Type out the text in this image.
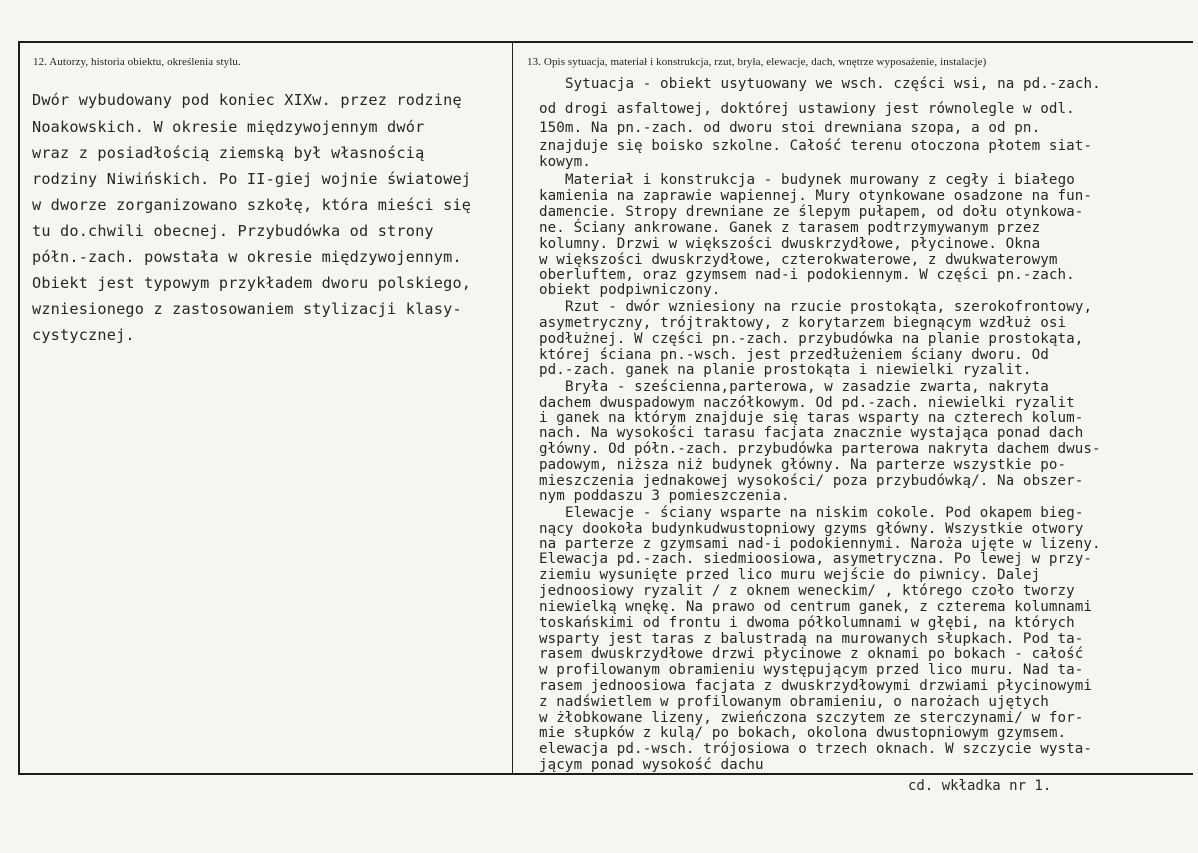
12. Autorzy, historia obiektu, określenia stylu.	13. Opis sytuacja, materiał i konstrukcja, rzut, bryła, elewacje, dach, wnętrze wyposażenie, instalacje)
Dwór wybudowany pod koniec XIXw. przez rodzinę
Noakowskich. W okresie międzywojennym dwór
wraz z posiadłością ziemską był własnością
rodziny Niwińskich. Po II-giej wojnie światowej
w dworze zorganizowano szkołę, która mieści się
tu do.chwili obecnej. Przybudówka od strony
półn.-zach. powstała w okresie międzywojennym.
Obiekt jest typowym przykładem dworu polskiego,
wzniesionego z zastosowaniem stylizacji klasy-
cystycznej.
Sytuacja - obiekt usytuowany we wsch. części wsi, na pd.-zach.
od drogi asfaltowej, doktórej ustawiony jest równolegle w odl.
150m. Na pn.-zach. od dworu stoi drewniana szopa, a od pn.
znajduje się boisko szkolne. Całość terenu otoczona płotem siat-
kowym.
Materiał i konstrukcja - budynek murowany z cegły i białego
kamienia na zaprawie wapiennej. Mury otynkowane osadzone na fun-
damencie. Stropy drewniane ze ślepym pułapem, od dołu otynkowa-
ne. Ściany ankrowane. Ganek z tarasem podtrzymywanym przez
kolumny. Drzwi w większości dwuskrzydłowe, płycinowe. Okna
w większości dwuskrzydłowe, czterokwaterowe, z dwukwaterowym
oberluftem, oraz gzymsem nad-i podokiennym. W części pn.-zach.
obiekt podpiwniczony.
Rzut - dwór wzniesiony na rzucie prostokąta, szerokofrontowy,
asymetryczny, trójtraktowy, z korytarzem biegnącym wzdłuż osi
podłużnej. W części pn.-zach. przybudówka na planie prostokąta,
której ściana pn.-wsch. jest przedłużeniem ściany dworu. Od
pd.-zach. ganek na planie prostokąta i niewielki ryzalit.
Bryła - sześcienna,parterowa, w zasadzie zwarta, nakryta
dachem dwuspadowym naczółkowym. Od pd.-zach. niewielki ryzalit
i ganek na którym znajduje się taras wsparty na czterech kolum-
nach. Na wysokości tarasu facjata znacznie wystająca ponad dach
główny. Od półn.-zach. przybudówka parterowa nakryta dachem dwus-
padowym, niższa niż budynek główny. Na parterze wszystkie po-
mieszczenia jednakowej wysokości/ poza przybudówką/. Na obszer-
nym poddaszu 3 pomieszczenia.
Elewacje - ściany wsparte na niskim cokole. Pod okapem bieg-
nący dookoła budynkudwustopniowy gzyms główny. Wszystkie otwory
na parterze z gzymsami nad-i podokiennymi. Naroża ujęte w lizeny.
Elewacja pd.-zach. siedmioosiowa, asymetryczna. Po lewej w przy-
ziemiu wysunięte przed lico muru wejście do piwnicy. Dalej
jednoosiowy ryzalit / z oknem weneckim/ , którego czoło tworzy
niewielką wnękę. Na prawo od centrum ganek, z czterema kolumnami
toskańskimi od frontu i dwoma półkolumnami w głębi, na których
wsparty jest taras z balustradą na murowanych słupkach. Pod ta-
rasem dwuskrzydłowe drzwi płycinowe z oknami po bokach - całość
w profilowanym obramieniu występującym przed lico muru. Nad ta-
rasem jednoosiowa facjata z dwuskrzydłowymi drzwiami płycinowymi
z nadświetlem w profilowanym obramieniu, o narożach ujętych
w żłobkowane lizeny, zwieńczona szczytem ze sterczynami/ w for-
mie słupków z kulą/ po bokach, okolona dwustopniowym gzymsem.
elewacja pd.-wsch. trójosiowa o trzech oknach. W szczycie wysta-
jącym ponad wysokość dachu
cd. wkładka nr 1.
